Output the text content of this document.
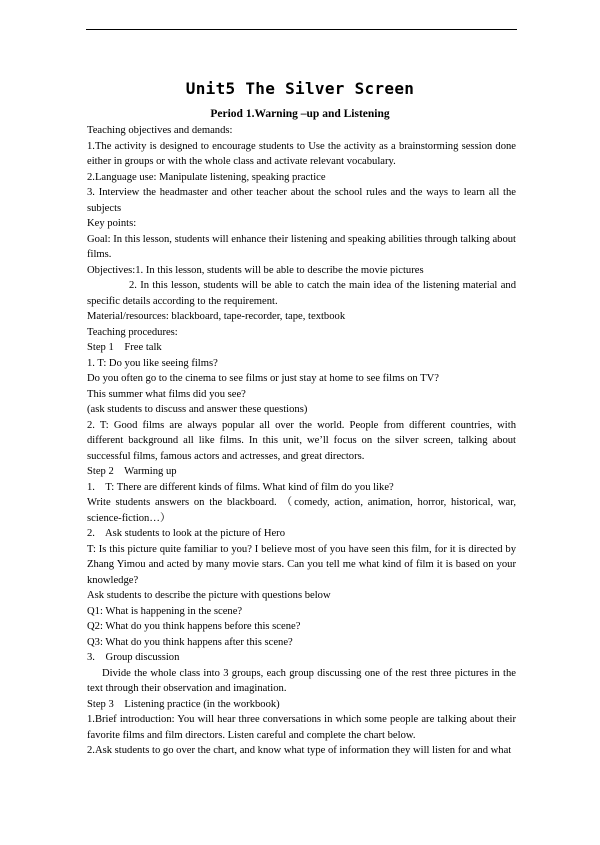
Unit5 The Silver Screen
Period 1.Warning –up and Listening

Teaching objectives and demands:

1.The activity is designed to encourage students to Use the activity as a brainstorming session done either in groups or with the whole class and activate relevant vocabulary.

2.Language use: Manipulate listening, speaking practice

3. Interview the headmaster and other teacher about the school rules and the ways to learn all the subjects

Key points:

Goal: In this lesson, students will enhance their listening and speaking abilities through talking about films.

Objectives:1. In this lesson, students will be able to describe the movie pictures

2. In this lesson, students will be able to catch the main idea of the listening material and specific details according to the requirement.

Material/resources: blackboard, tape-recorder, tape, textbook

Teaching procedures:

Step 1    Free talk

1. T: Do you like seeing films?

Do you often go to the cinema to see films or just stay at home to see films on TV?

This summer what films did you see?

(ask students to discuss and answer these questions)

2. T: Good films are always popular all over the world. People from different countries, with different background all like films. In this unit, we’ll focus on the silver screen, talking about successful films, famous actors and actresses, and great directors.

Step 2    Warming up

1.    T: There are different kinds of films. What kind of film do you like?

Write students answers on the blackboard. （comedy, action, animation, horror, historical, war, science-fiction…）

2.    Ask students to look at the picture of Hero

T: Is this picture quite familiar to you? I believe most of you have seen this film, for it is directed by Zhang Yimou and acted by many movie stars. Can you tell me what kind of film it is based on your knowledge?

Ask students to describe the picture with questions below

Q1: What is happening in the scene?

Q2: What do you think happens before this scene?

Q3: What do you think happens after this scene?

3.    Group discussion

Divide the whole class into 3 groups, each group discussing one of the rest three pictures in the text through their observation and imagination.

Step 3    Listening practice (in the workbook)

1.Brief introduction: You will hear three conversations in which some people are talking about their favorite films and film directors. Listen careful and complete the chart below.

2.Ask students to go over the chart, and know what type of information they will listen for and what
